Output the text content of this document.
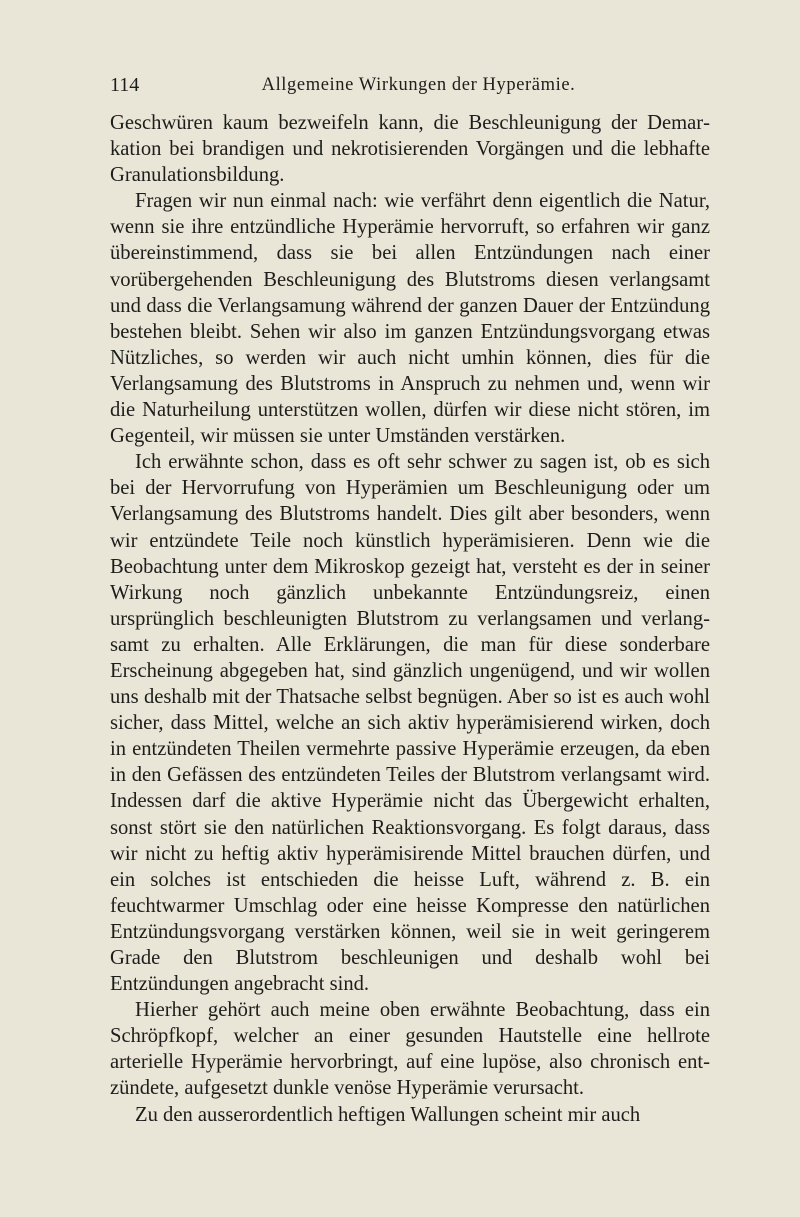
114	Allgemeine Wirkungen der Hyperämie.

Geschwüren kaum bezweifeln kann, die Beschleunigung der Demarkation bei brandigen und nekrotisierenden Vorgängen und die lebhafte Granulationsbildung.

Fragen wir nun einmal nach: wie verfährt denn eigentlich die Natur, wenn sie ihre entzündliche Hyperämie hervorruft, so erfahren wir ganz übereinstimmend, dass sie bei allen Entzündungen nach einer vorübergehenden Beschleunigung des Blutstroms diesen verlangsamt und dass die Verlangsamung während der ganzen Dauer der Entzündung bestehen bleibt. Sehen wir also im ganzen Entzündungsvorgang etwas Nützliches, so werden wir auch nicht umhin können, dies für die Verlangsamung des Blutstroms in Anspruch zu nehmen und, wenn wir die Naturheilung unterstützen wollen, dürfen wir diese nicht stören, im Gegenteil, wir müssen sie unter Umständen verstärken.

Ich erwähnte schon, dass es oft sehr schwer zu sagen ist, ob es sich bei der Hervorrufung von Hyperämien um Beschleunigung oder um Verlangsamung des Blutstroms handelt. Dies gilt aber besonders, wenn wir entzündete Teile noch künstlich hyperämisieren. Denn wie die Beobachtung unter dem Mikroskop gezeigt hat, versteht es der in seiner Wirkung noch gänzlich unbekannte Entzündungsreiz, einen ursprünglich beschleunigten Blutstrom zu verlangsamen und verlangsamt zu erhalten. Alle Erklärungen, die man für diese sonderbare Erscheinung abgegeben hat, sind gänzlich ungenügend, und wir wollen uns deshalb mit der Thatsache selbst begnügen. Aber so ist es auch wohl sicher, dass Mittel, welche an sich aktiv hyperämisierend wirken, doch in entzündeten Theilen vermehrte passive Hyperämie erzeugen, da eben in den Gefässen des entzündeten Teiles der Blutstrom verlangsamt wird. Indessen darf die aktive Hyperämie nicht das Übergewicht erhalten, sonst stört sie den natürlichen Reaktionsvorgang. Es folgt daraus, dass wir nicht zu heftig aktiv hyperämisirende Mittel brauchen dürfen, und ein solches ist entschieden die heisse Luft, während z. B. ein feuchtwarmer Umschlag oder eine heisse Kompresse den natürlichen Entzündungsvorgang verstärken können, weil sie in weit geringerem Grade den Blutstrom beschleunigen und deshalb wohl bei Entzündungen angebracht sind.

Hierher gehört auch meine oben erwähnte Beobachtung, dass ein Schröpfkopf, welcher an einer gesunden Hautstelle eine hellrote arterielle Hyperämie hervorbringt, auf eine lupöse, also chronisch entzündete, aufgesetzt dunkle venöse Hyperämie verursacht.

Zu den ausserordentlich heftigen Wallungen scheint mir auch
